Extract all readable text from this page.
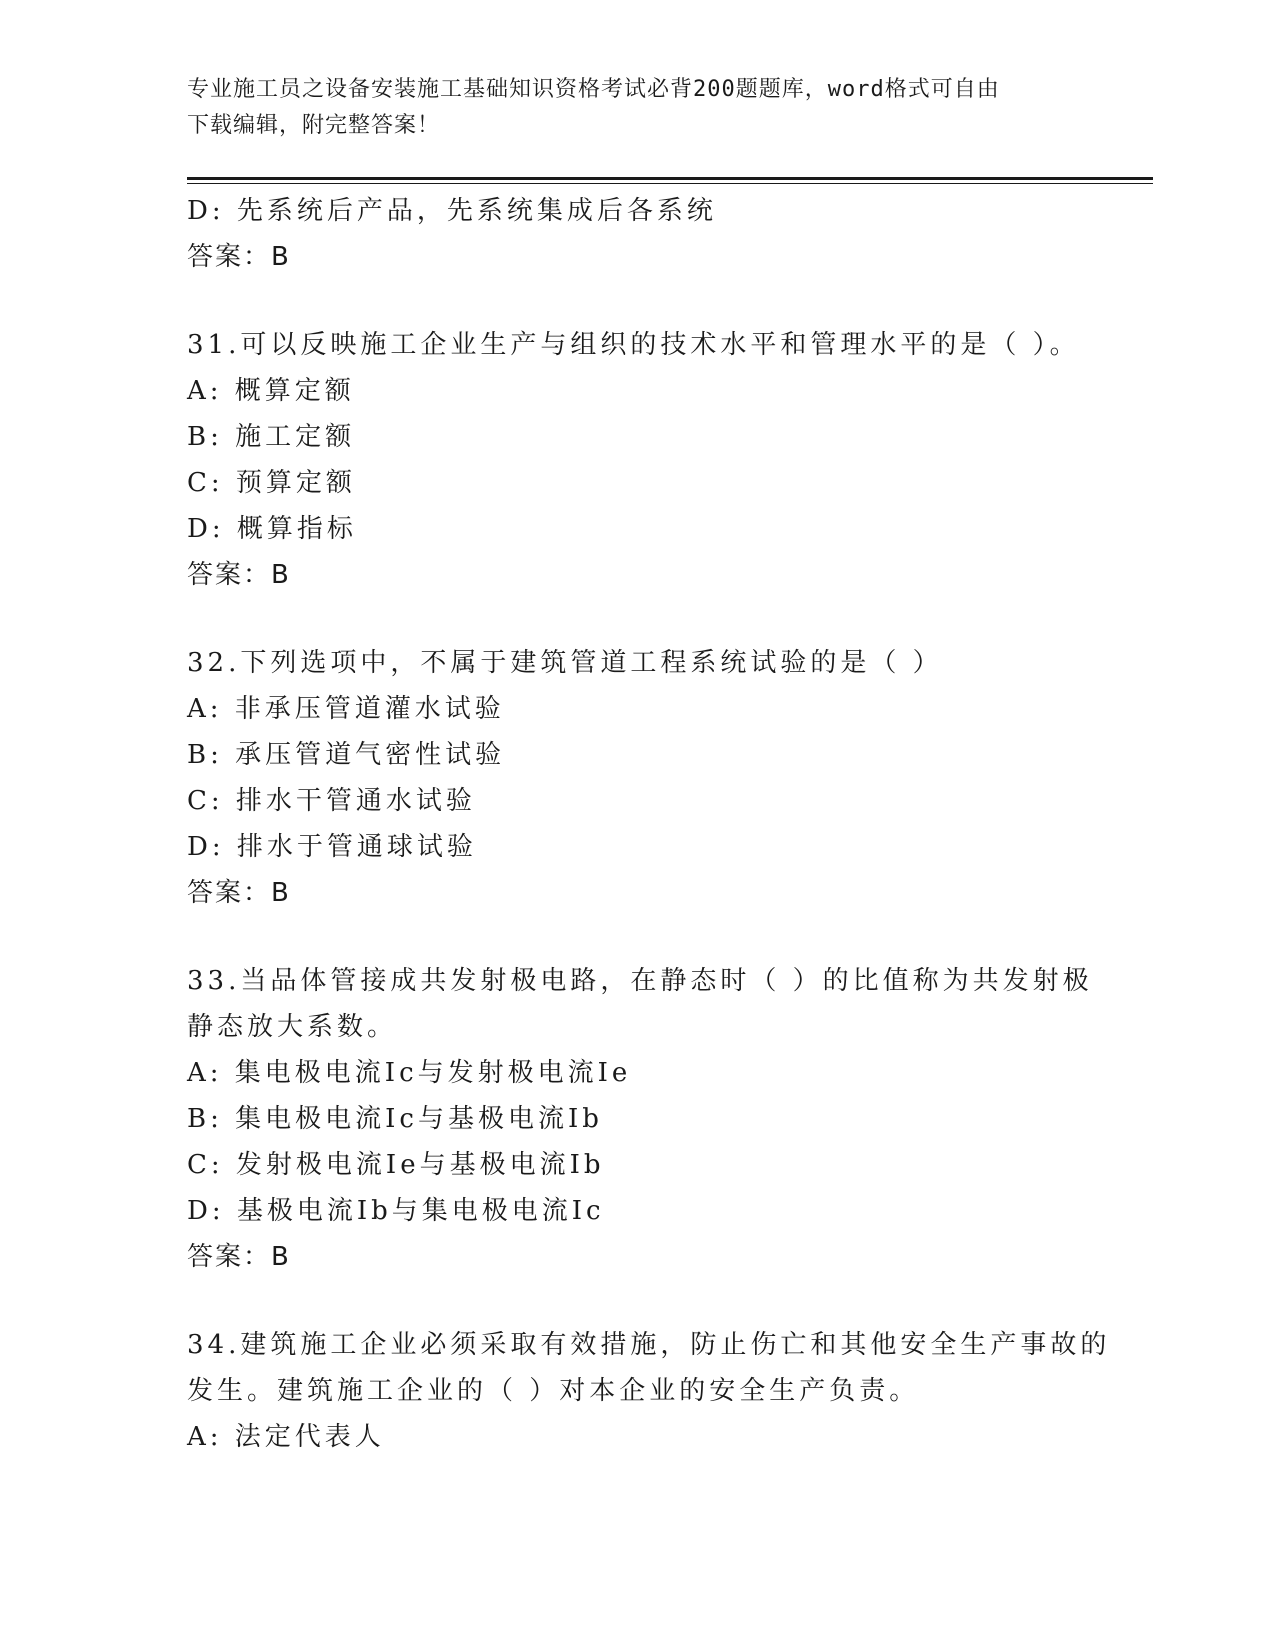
专业施工员之设备安装施工基础知识资格考试必背200题题库，word格式可自由
下载编辑，附完整答案！
D: 先系统后产品，先系统集成后各系统
答案：B
31.可以反映施工企业生产与组织的技术水平和管理水平的是（ ）。
A: 概算定额
B: 施工定额
C: 预算定额
D: 概算指标
答案：B
32.下列选项中，不属于建筑管道工程系统试验的是（ ）
A: 非承压管道灌水试验
B: 承压管道气密性试验
C: 排水干管通水试验
D: 排水于管通球试验
答案：B
33.当品体管接成共发射极电路，在静态时（ ）的比值称为共发射极
静态放大系数。
A: 集电极电流Ic与发射极电流Ie
B: 集电极电流Ic与基极电流Ib
C: 发射极电流Ie与基极电流Ib
D: 基极电流Ib与集电极电流Ic
答案：B
34.建筑施工企业必须采取有效措施，防止伤亡和其他安全生产事故的
发生。建筑施工企业的（ ）对本企业的安全生产负责。
A: 法定代表人
